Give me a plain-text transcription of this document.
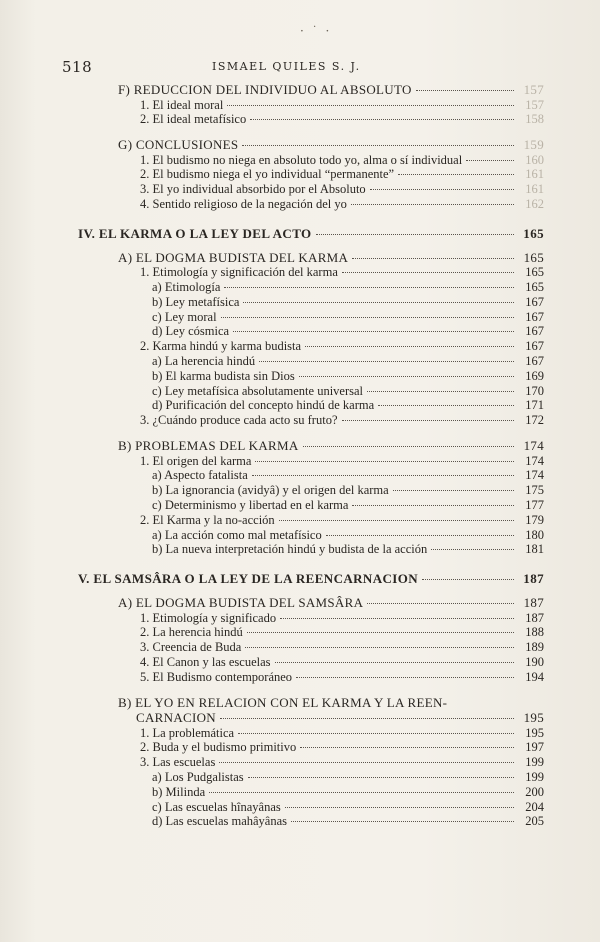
· ˙ ·
518	ISMAEL QUILES S. J.
F) REDUCCION DEL INDIVIDUO AL ABSOLUTO	157
1. El ideal moral	157
2. El ideal metafísico	158
G) CONCLUSIONES	159
1. El budismo no niega en absoluto todo yo, alma o sí individual	160
2. El budismo niega el yo individual “permanente”	161
3. El yo individual absorbido por el Absoluto	161
4. Sentido religioso de la negación del yo	162
IV. EL KARMA O LA LEY DEL ACTO	165
A) EL DOGMA BUDISTA DEL KARMA	165
1. Etimología y significación del karma	165
a) Etimología	165
b) Ley metafísica	167
c) Ley moral	167
d) Ley cósmica	167
2. Karma hindú y karma budista	167
a) La herencia hindú	167
b) El karma budista sin Dios	169
c) Ley metafísica absolutamente universal	170
d) Purificación del concepto hindú de karma	171
3. ¿Cuándo produce cada acto su fruto?	172
B) PROBLEMAS DEL KARMA	174
1. El origen del karma	174
a) Aspecto fatalista	174
b) La ignorancia (avidyâ) y el origen del karma	175
c) Determinismo y libertad en el karma	177
2. El Karma y la no-acción	179
a) La acción como mal metafísico	180
b) La nueva interpretación hindú y budista de la acción	181
V. EL SAMSÂRA O LA LEY DE LA REENCARNACION	187
A) EL DOGMA BUDISTA DEL SAMSÂRA	187
1. Etimología y significado	187
2. La herencia hindú	188
3. Creencia de Buda	189
4. El Canon y las escuelas	190
5. El Budismo contemporáneo	194
B) EL YO EN RELACION CON EL KARMA Y LA REEN-
CARNACION	195
1. La problemática	195
2. Buda y el budismo primitivo	197
3. Las escuelas	199
a) Los Pudgalistas	199
b) Milinda	200
c) Las escuelas hînayânas	204
d) Las escuelas mahâyânas	205
